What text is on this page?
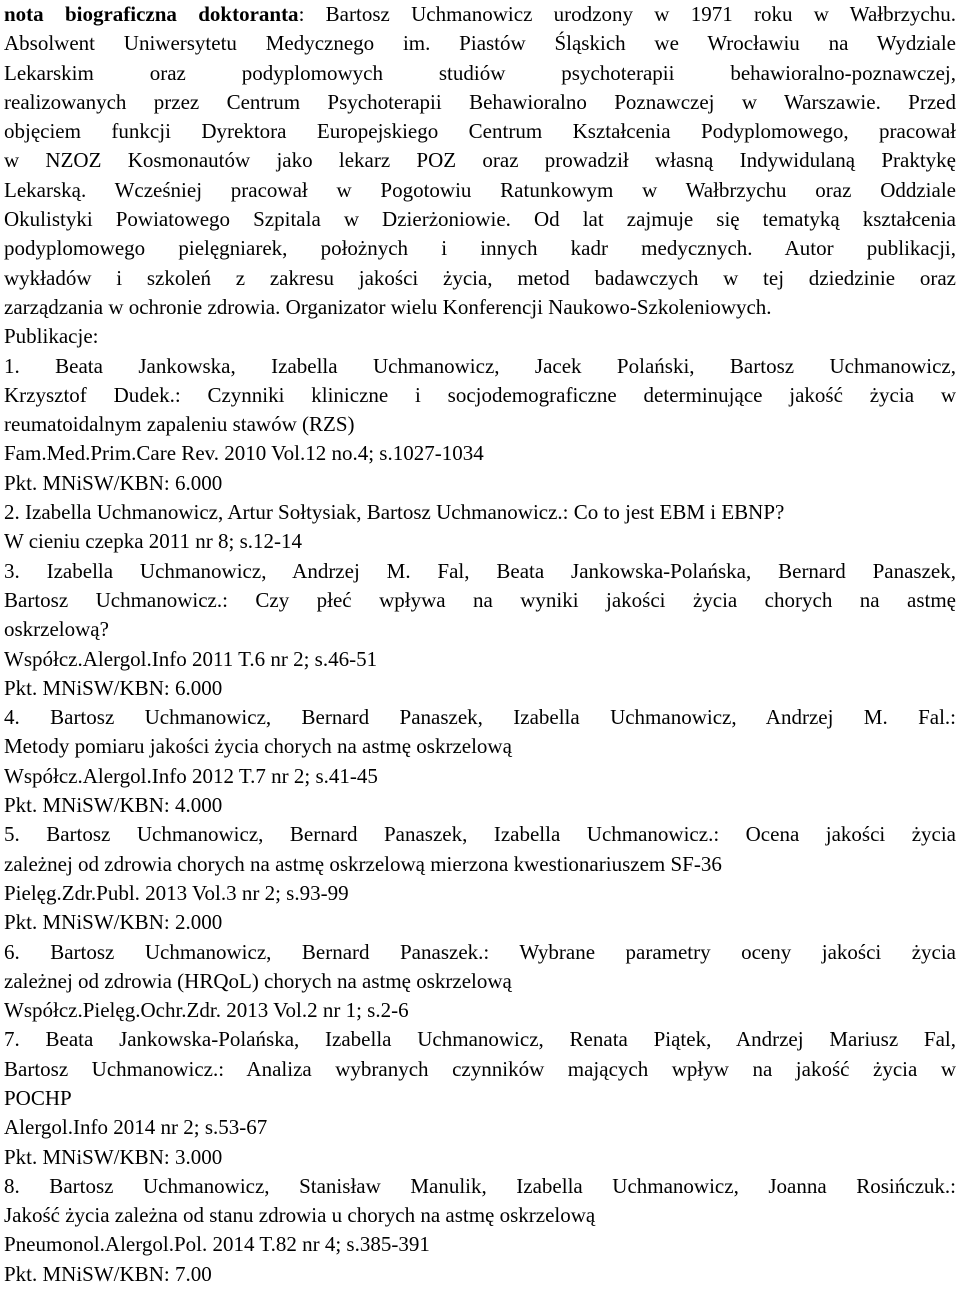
nota biograficzna doktoranta: Bartosz Uchmanowicz urodzony w 1971 roku w Wałbrzychu.
Absolwent Uniwersytetu Medycznego im. Piastów Śląskich we Wrocławiu na Wydziale
Lekarskim oraz podyplomowych studiów psychoterapii behawioralno-poznawczej,
realizowanych przez Centrum Psychoterapii Behawioralno Poznawczej w Warszawie. Przed
objęciem funkcji Dyrektora Europejskiego Centrum Kształcenia Podyplomowego, pracował
w NZOZ Kosmonautów jako lekarz POZ oraz prowadził własną Indywidulaną Praktykę
Lekarską. Wcześniej pracował w Pogotowiu Ratunkowym w Wałbrzychu oraz Oddziale
Okulistyki Powiatowego Szpitala w Dzierżoniowie. Od lat zajmuje się tematyką kształcenia
podyplomowego pielęgniarek, położnych i innych kadr medycznych. Autor publikacji,
wykładów i szkoleń z zakresu jakości życia, metod badawczych w tej dziedzinie oraz
zarządzania w ochronie zdrowia. Organizator wielu Konferencji Naukowo-Szkoleniowych.
Publikacje:
1. Beata Jankowska, Izabella Uchmanowicz, Jacek Polański, Bartosz Uchmanowicz,
Krzysztof Dudek.: Czynniki kliniczne i socjodemograficzne determinujące jakość życia w
reumatoidalnym zapaleniu stawów (RZS)
Fam.Med.Prim.Care Rev. 2010 Vol.12 no.4; s.1027-1034
Pkt. MNiSW/KBN: 6.000
2. Izabella Uchmanowicz, Artur Sołtysiak, Bartosz Uchmanowicz.: Co to jest EBM i EBNP?
W cieniu czepka 2011 nr 8; s.12-14
3. Izabella Uchmanowicz, Andrzej M. Fal, Beata Jankowska-Polańska, Bernard Panaszek,
Bartosz Uchmanowicz.: Czy płeć wpływa na wyniki jakości życia chorych na astmę
oskrzelową?
Współcz.Alergol.Info 2011 T.6 nr 2; s.46-51
Pkt. MNiSW/KBN: 6.000
4. Bartosz Uchmanowicz, Bernard Panaszek, Izabella Uchmanowicz, Andrzej M. Fal.:
Metody pomiaru jakości życia chorych na astmę oskrzelową
Współcz.Alergol.Info 2012 T.7 nr 2; s.41-45
Pkt. MNiSW/KBN: 4.000
5. Bartosz Uchmanowicz, Bernard Panaszek, Izabella Uchmanowicz.: Ocena jakości życia
zależnej od zdrowia chorych na astmę oskrzelową mierzona kwestionariuszem SF-36
Pielęg.Zdr.Publ. 2013 Vol.3 nr 2; s.93-99
Pkt. MNiSW/KBN: 2.000
6. Bartosz Uchmanowicz, Bernard Panaszek.: Wybrane parametry oceny jakości życia
zależnej od zdrowia (HRQoL) chorych na astmę oskrzelową
Współcz.Pielęg.Ochr.Zdr. 2013 Vol.2 nr 1; s.2-6
7. Beata Jankowska-Polańska, Izabella Uchmanowicz, Renata Piątek, Andrzej Mariusz Fal,
Bartosz Uchmanowicz.: Analiza wybranych czynników mających wpływ na jakość życia w
POCHP
Alergol.Info 2014 nr 2; s.53-67
Pkt. MNiSW/KBN: 3.000
8. Bartosz Uchmanowicz, Stanisław Manulik, Izabella Uchmanowicz, Joanna Rosińczuk.:
Jakość życia zależna od stanu zdrowia u chorych na astmę oskrzelową
Pneumonol.Alergol.Pol. 2014 T.82 nr 4; s.385-391
Pkt. MNiSW/KBN: 7.00
